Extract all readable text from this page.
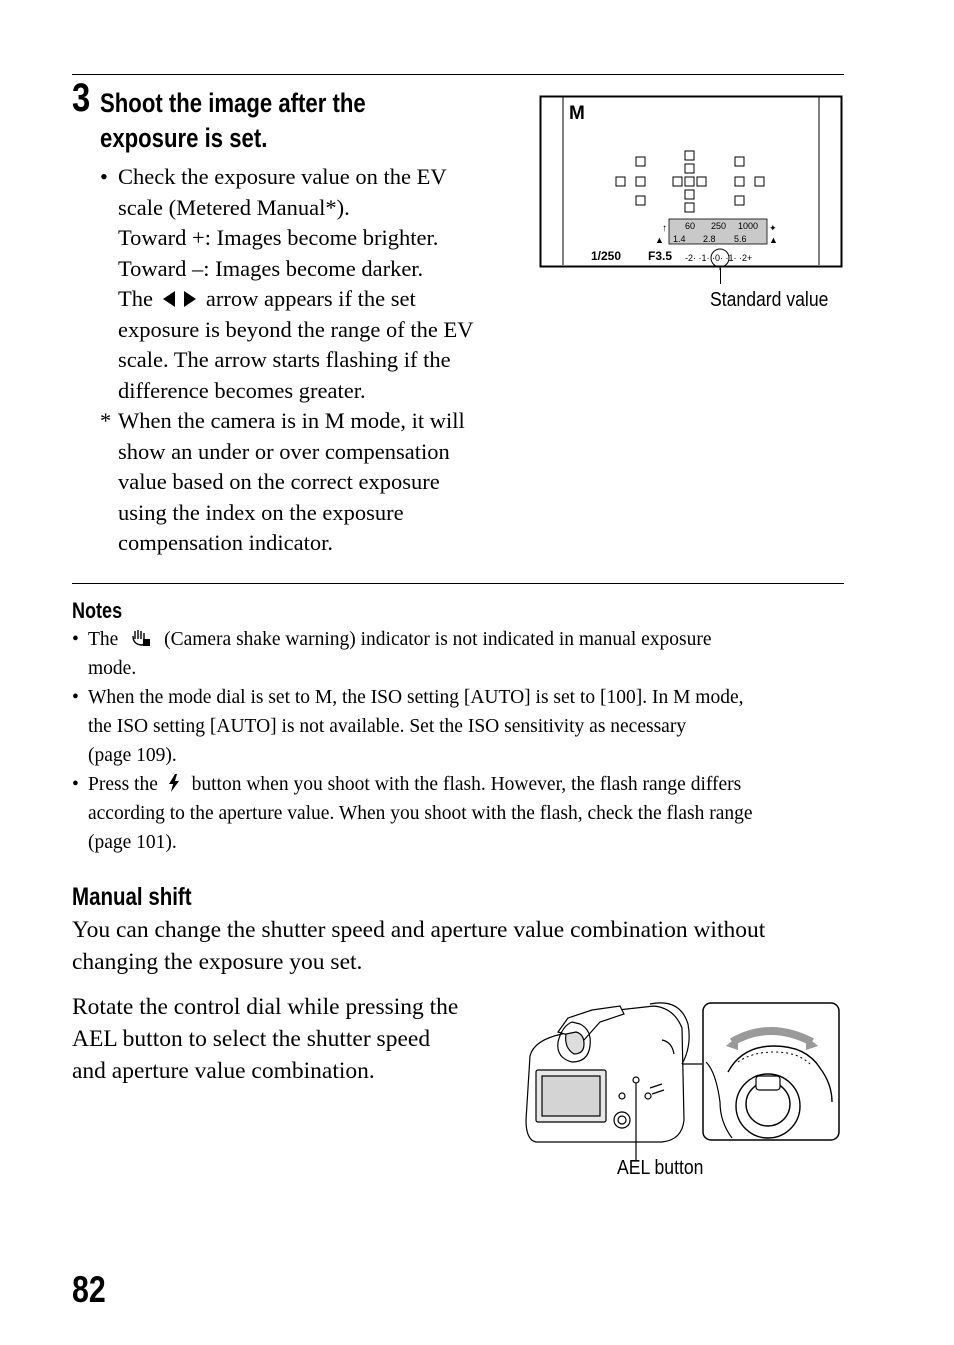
3 Shoot the image after the
exposure is set.
• Check the exposure value on the EV
scale (Metered Manual*).
Toward +: Images become brighter.
Toward –: Images become darker.
The arrow appears if the set
exposure is beyond the range of the EV
scale. The arrow starts flashing if the
difference becomes greater.
* When the camera is in M mode, it will
show an under or over compensation
value based on the correct exposure
using the index on the exposure
compensation indicator.
M
↑	✦
▲	▲
60 250 1000
1.4 2.8 5.6
1/250 F3.5 -2· ·1· ·0· ·1· ·2+
Standard value
Notes
• The (Camera shake warning) indicator is not indicated in manual exposure
mode.
• When the mode dial is set to M, the ISO setting [AUTO] is set to [100]. In M mode,
the ISO setting [AUTO] is not available. Set the ISO sensitivity as necessary
(page 109).
• Press the button when you shoot with the flash. However, the flash range differs
according to the aperture value. When you shoot with the flash, check the flash range
(page 101).
Manual shift
You can change the shutter speed and aperture value combination without
changing the exposure you set.
Rotate the control dial while pressing the
AEL button to select the shutter speed
and aperture value combination.
AEL button
82
